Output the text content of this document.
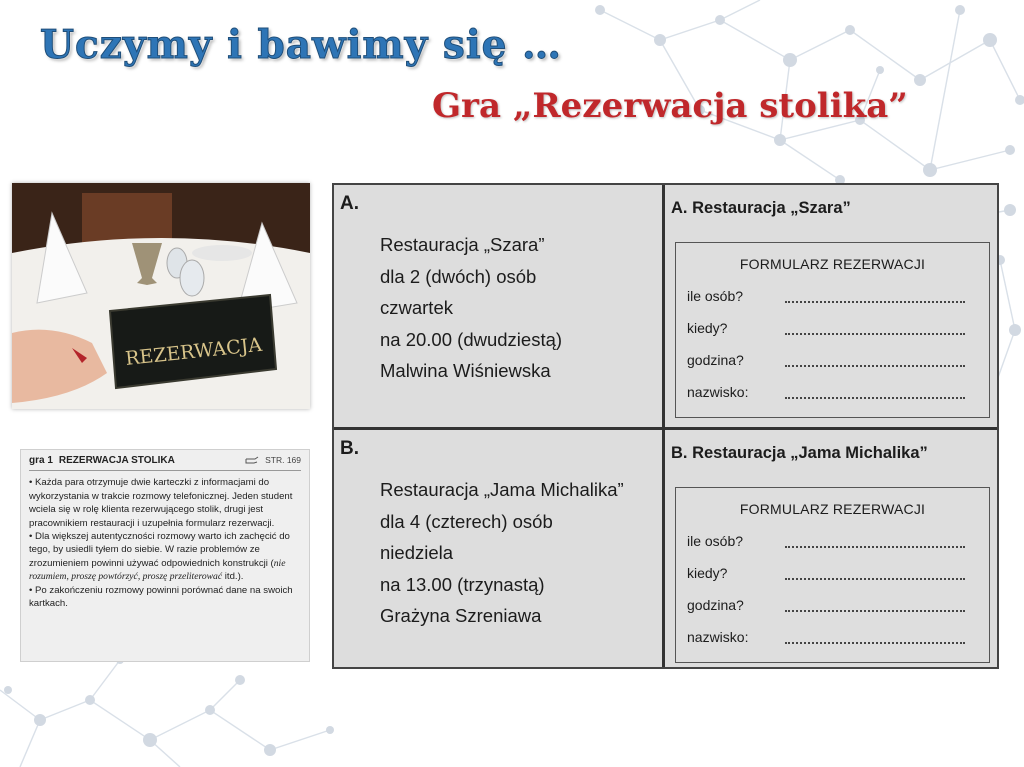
Uczymy i bawimy się …
Gra „Rezerwacja stolika”
REZERWACJA
gra 1 REZERWACJA STOLIKA	STR. 169

• Każda para otrzymuje dwie karteczki z informacjami do wykorzystania w trakcie rozmowy telefonicznej. Jeden student wciela się w rolę klienta rezerwującego stolik, drugi jest pracownikiem restauracji i uzupełnia formularz rezerwacji.

• Dla większej autentyczności rozmowy warto ich zachęcić do tego, by usiedli tyłem do siebie. W razie problemów ze zrozumieniem powinni używać odpowiednich konstrukcji (nie rozumiem, proszę powtórzyć, proszę przeliterować itd.).

• Po zakończeniu rozmowy powinni porównać dane na swoich kartkach.

A.
Restauracja „Szara”
dla 2 (dwóch) osób
czwartek
na 20.00 (dwudziestą)
Malwina Wiśniewska
A. Restauracja „Szara”
FORMULARZ REZERWACJI
ile osób?
kiedy?
godzina?
nazwisko:
B.
Restauracja „Jama Michalika”
dla 4 (czterech) osób
niedziela
na 13.00 (trzynastą)
Grażyna Szreniawa
B. Restauracja „Jama Michalika”
FORMULARZ REZERWACJI
ile osób?
kiedy?
godzina?
nazwisko:
